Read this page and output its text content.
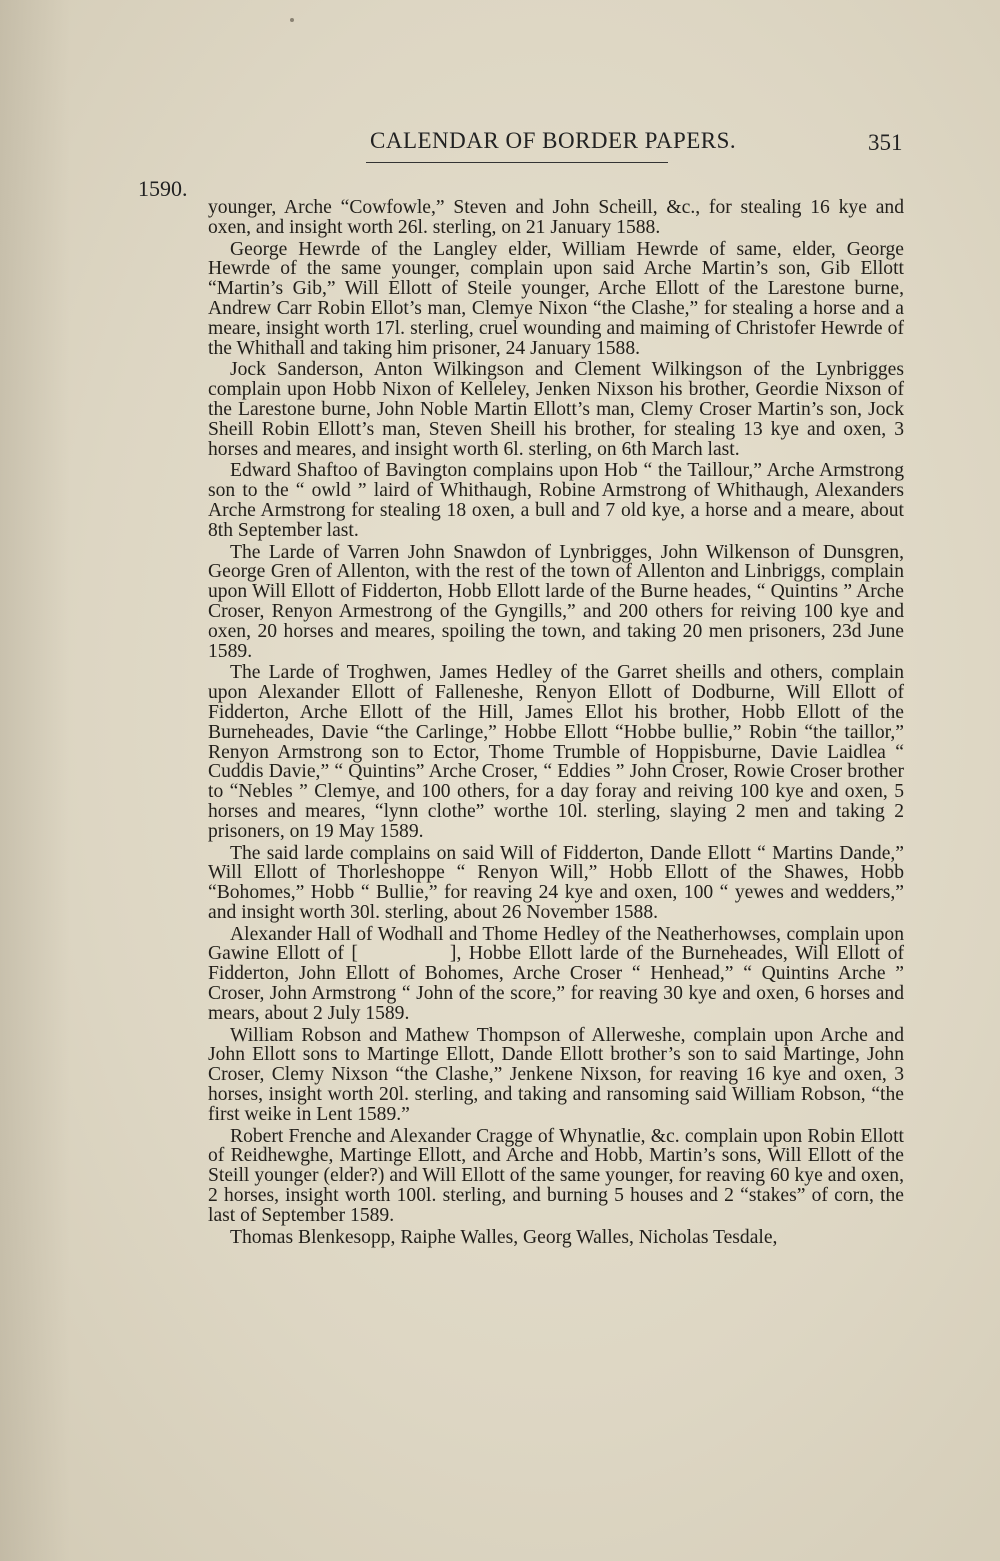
CALENDAR OF BORDER PAPERS.	351
1590.

younger, Arche “Cowfowle,” Steven and John Scheill, &c., for stealing 16 kye and oxen, and insight worth 26l. sterling, on 21 January 1588.

George Hewrde of the Langley elder, William Hewrde of same, elder, George Hewrde of the same younger, complain upon said Arche Martin’s son, Gib Ellott “Martin’s Gib,” Will Ellott of Steile younger, Arche Ellott of the Larestone burne, Andrew Carr Robin Ellot’s man, Clemye Nixon “the Clashe,” for stealing a horse and a meare, insight worth 17l. sterling, cruel wounding and maiming of Christofer Hewrde of the Whithall and taking him prisoner, 24 January 1588.

Jock Sanderson, Anton Wilkingson and Clement Wilkingson of the Lynbrigges complain upon Hobb Nixon of Kelleley, Jenken Nixson his brother, Geordie Nixson of the Larestone burne, John Noble Martin Ellott’s man, Clemy Croser Martin’s son, Jock Sheill Robin Ellott’s man, Steven Sheill his brother, for stealing 13 kye and oxen, 3 horses and meares, and insight worth 6l. sterling, on 6th March last.

Edward Shaftoo of Bavington complains upon Hob “ the Taillour,” Arche Armstrong son to the “ owld ” laird of Whithaugh, Robine Armstrong of Whithaugh, Alexanders Arche Armstrong for stealing 18 oxen, a bull and 7 old kye, a horse and a meare, about 8th September last.

The Larde of Varren John Snawdon of Lynbrigges, John Wilkenson of Dunsgren, George Gren of Allenton, with the rest of the town of Allenton and Linbriggs, complain upon Will Ellott of Fidderton, Hobb Ellott larde of the Burne heades, “ Quintins ” Arche Croser, Renyon Armestrong of the Gyngills,” and 200 others for reiving 100 kye and oxen, 20 horses and meares, spoiling the town, and taking 20 men prisoners, 23d June 1589.

The Larde of Troghwen, James Hedley of the Garret sheills and others, complain upon Alexander Ellott of Falleneshe, Renyon Ellott of Dodburne, Will Ellott of Fidderton, Arche Ellott of the Hill, James Ellot his brother, Hobb Ellott of the Burneheades, Davie “the Carlinge,” Hobbe Ellott “Hobbe bullie,” Robin “the taillor,” Renyon Armstrong son to Ector, Thome Trumble of Hoppisburne, Davie Laidlea “ Cuddis Davie,” “ Quintins” Arche Croser, “ Eddies ” John Croser, Rowie Croser brother to “Nebles ” Clemye, and 100 others, for a day foray and reiving 100 kye and oxen, 5 horses and meares, “lynn clothe” worthe 10l. sterling, slaying 2 men and taking 2 prisoners, on 19 May 1589.

The said larde complains on said Will of Fidderton, Dande Ellott “ Martins Dande,” Will Ellott of Thorleshoppe “ Renyon Will,” Hobb Ellott of the Shawes, Hobb “Bohomes,” Hobb “ Bullie,” for reaving 24 kye and oxen, 100 “ yewes and wedders,” and insight worth 30l. sterling, about 26 November 1588.

Alexander Hall of Wodhall and Thome Hedley of the Neatherhowses, complain upon Gawine Ellott of [	], Hobbe Ellott larde of the Burneheades, Will Ellott of Fidderton, John Ellott of Bohomes, Arche Croser “ Henhead,” “ Quintins Arche ” Croser, John Armstrong “ John of the score,” for reaving 30 kye and oxen, 6 horses and mears, about 2 July 1589.

William Robson and Mathew Thompson of Allerweshe, complain upon Arche and John Ellott sons to Martinge Ellott, Dande Ellott brother’s son to said Martinge, John Croser, Clemy Nixson “the Clashe,” Jenkene Nixson, for reaving 16 kye and oxen, 3 horses, insight worth 20l. sterling, and taking and ransoming said William Robson, “the first weike in Lent 1589.”

Robert Frenche and Alexander Cragge of Whynatlie, &c. complain upon Robin Ellott of Reidhewghe, Martinge Ellott, and Arche and Hobb, Martin’s sons, Will Ellott of the Steill younger (elder?) and Will Ellott of the same younger, for reaving 60 kye and oxen, 2 horses, insight worth 100l. sterling, and burning 5 houses and 2 “stakes” of corn, the last of September 1589.

Thomas Blenkesopp, Raiphe Walles, Georg Walles, Nicholas Tesdale,
